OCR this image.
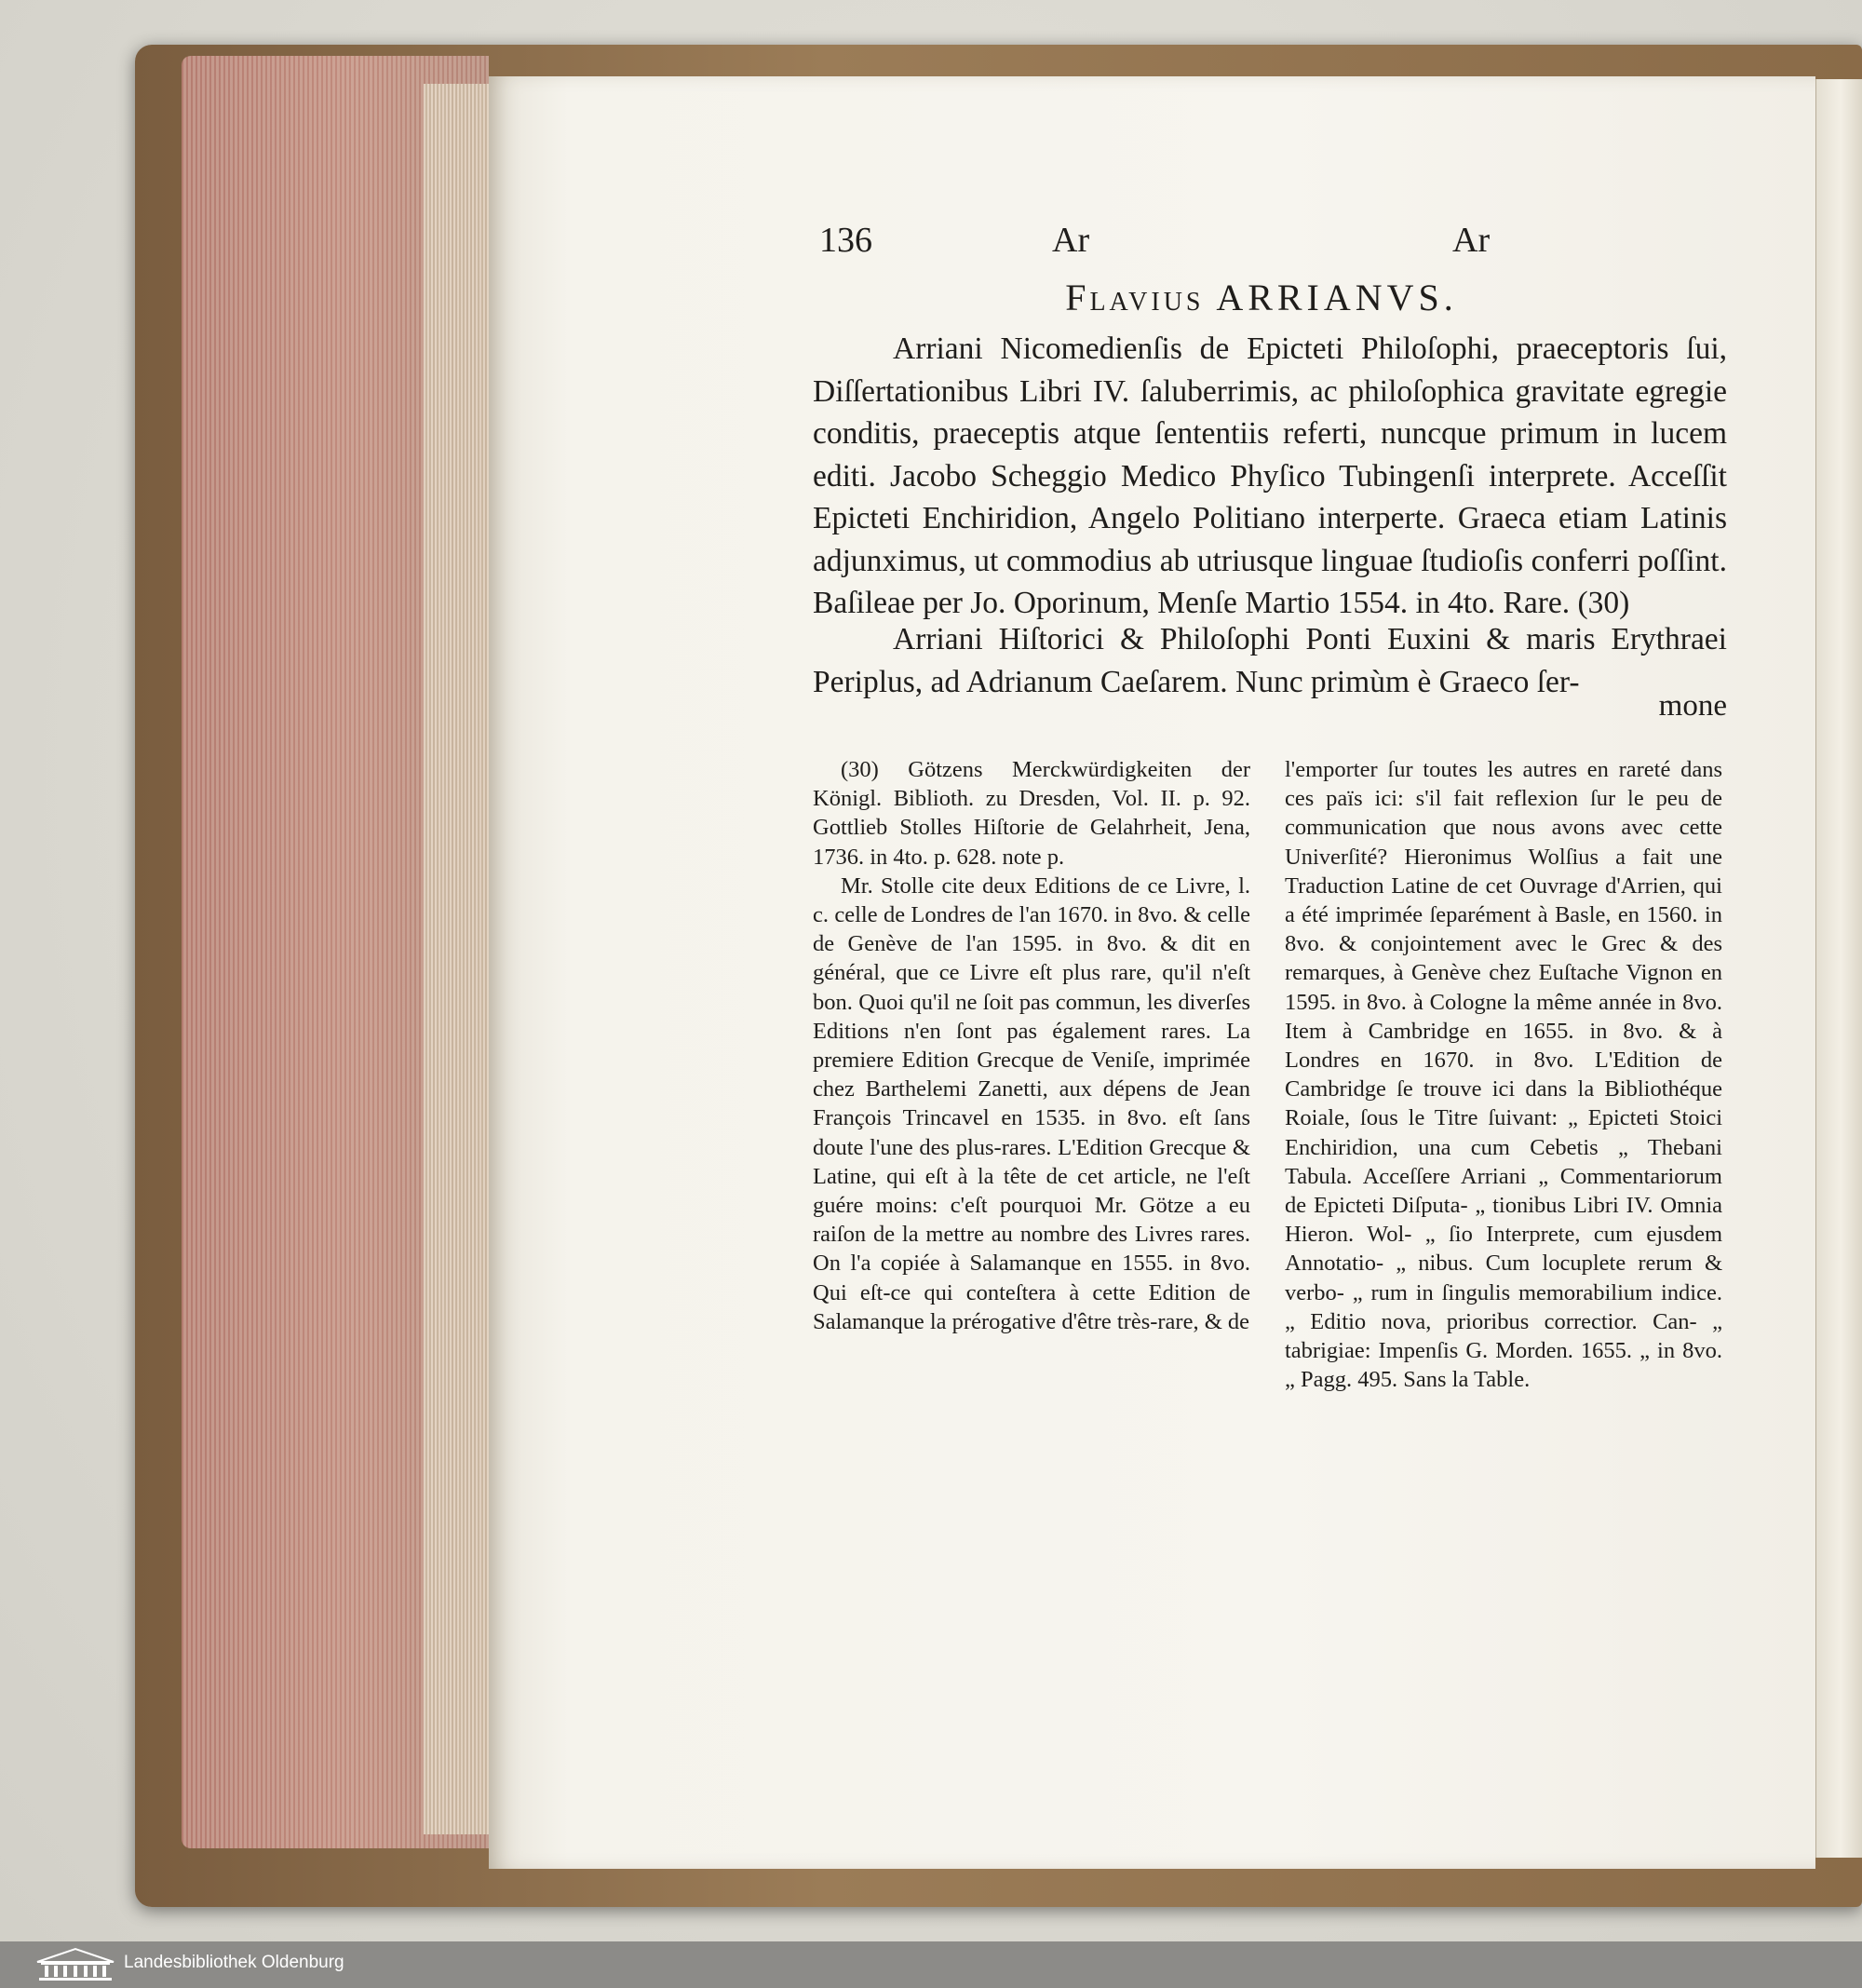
136	Ar	Ar
Flavius ARRIANVS.
Arriani Nicomedienſis de Epicteti Philoſophi, praeceptoris ſui, Diſſertationibus Libri IV. ſaluberrimis, ac philoſophica gravitate egregie conditis, praeceptis atque ſententiis referti, nuncque primum in lucem editi. Jacobo Scheggio Medico Phyſico Tubingenſi interprete. Acceſſit Epicteti Enchiridion, Angelo Politiano interperte. Graeca etiam Latinis adjunximus, ut commodius ab utriusque linguae ſtudioſis conferri poſſint. Baſileae per Jo. Oporinum, Menſe Martio 1554. in 4to. Rare. (30)
Arriani Hiſtorici & Philoſophi Ponti Euxini & maris Erythraei Periplus, ad Adrianum Caeſarem. Nunc primùm è Graeco ſer-
mone
(30) Götzens Merckwürdigkeiten der Königl. Biblioth. zu Dresden, Vol. II. p. 92. Gottlieb Stolles Hiſtorie de Gelahrheit, Jena, 1736. in 4to. p. 628. note p.
Mr. Stolle cite deux Editions de ce Livre, l. c. celle de Londres de l'an 1670. in 8vo. & celle de Genève de l'an 1595. in 8vo. & dit en général, que ce Livre eſt plus rare, qu'il n'eſt bon. Quoi qu'il ne ſoit pas commun, les diverſes Editions n'en ſont pas également rares. La premiere Edition Grecque de Veniſe, imprimée chez Barthelemi Zanetti, aux dépens de Jean François Trincavel en 1535. in 8vo. eſt ſans doute l'une des plus-rares. L'Edition Grecque & Latine, qui eſt à la tête de cet article, ne l'eſt guére moins: c'eſt pourquoi Mr. Götze a eu raiſon de la mettre au nombre des Livres rares. On l'a copiée à Salamanque en 1555. in 8vo. Qui eſt-ce qui conteſtera à cette Edition de Salamanque la prérogative d'être très-rare, & de
l'emporter ſur toutes les autres en rareté dans ces païs ici: s'il fait reflexion ſur le peu de communication que nous avons avec cette Univerſité? Hieronimus Wolſius a fait une Traduction Latine de cet Ouvrage d'Arrien, qui a été imprimée ſeparément à Basle, en 1560. in 8vo. & conjointement avec le Grec & des remarques, à Genève chez Euſtache Vignon en 1595. in 8vo. à Cologne la même année in 8vo. Item à Cambridge en 1655. in 8vo. & à Londres en 1670. in 8vo. L'Edition de Cambridge ſe trouve ici dans la Bibliothéque Roiale, ſous le Titre ſuivant: „ Epicteti Stoici Enchiridion, una cum Cebetis „ Thebani Tabula. Acceſſere Arriani „ Commentariorum de Epicteti Diſputa- „ tionibus Libri IV. Omnia Hieron. Wol- „ ſio Interprete, cum ejusdem Annotatio- „ nibus. Cum locuplete rerum & verbo- „ rum in ſingulis memorabilium indice. „ Editio nova, prioribus correctior. Can- „ tabrigiae: Impenſis G. Morden. 1655. „ in 8vo. „ Pagg. 495. Sans la Table.
Landesbibliothek Oldenburg
